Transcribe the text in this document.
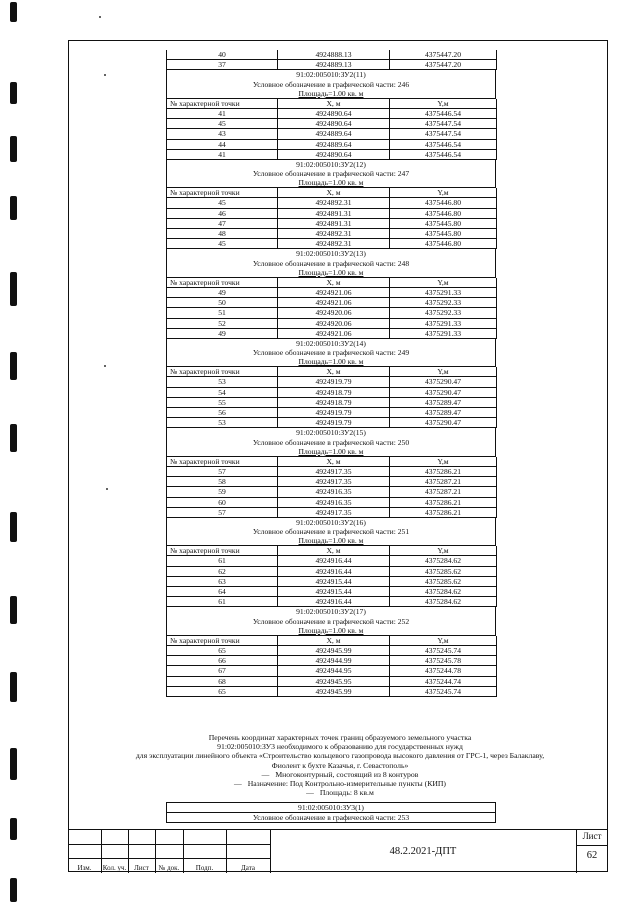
40	4924888.13	4375447.20
37	4924889.13	4375447.20
91:02:005010:ЗУ2(11)
Условное обозначение в графической части: 246
Площадь=1.00 кв. м
№ характерной точки	X, м	Y,м
41	4924890.64	4375446.54
45	4924890.64	4375447.54
43	4924889.64	4375447.54
44	4924889.64	4375446.54
41	4924890.64	4375446.54
91:02:005010:ЗУ2(12)
Условное обозначение в графической части: 247
Площадь=1.00 кв. м
№ характерной точки	X, м	Y,м
45	4924892.31	4375446.80
46	4924891.31	4375446.80
47	4924891.31	4375445.80
48	4924892.31	4375445.80
45	4924892.31	4375446.80
91:02:005010:ЗУ2(13)
Условное обозначение в графической части: 248
Площадь=1.00 кв. м
№ характерной точки	X, м	Y,м
49	4924921.06	4375291.33
50	4924921.06	4375292.33
51	4924920.06	4375292.33
52	4924920.06	4375291.33
49	4924921.06	4375291.33
91:02:005010:ЗУ2(14)
Условное обозначение в графической части: 249
Площадь=1.00 кв. м
№ характерной точки	X, м	Y,м
53	4924919.79	4375290.47
54	4924918.79	4375290.47
55	4924918.79	4375289.47
56	4924919.79	4375289.47
53	4924919.79	4375290.47
91:02:005010:ЗУ2(15)
Условное обозначение в графической части: 250
Площадь=1.00 кв. м
№ характерной точки	X, м	Y,м
57	4924917.35	4375286.21
58	4924917.35	4375287.21
59	4924916.35	4375287.21
60	4924916.35	4375286.21
57	4924917.35	4375286.21
91:02:005010:ЗУ2(16)
Условное обозначение в графической части: 251
Площадь=1.00 кв. м
№ характерной точки	X, м	Y,м
61	4924916.44	4375284.62
62	4924916.44	4375285.62
63	4924915.44	4375285.62
64	4924915.44	4375284.62
61	4924916.44	4375284.62
91:02:005010:ЗУ2(17)
Условное обозначение в графической части: 252
Площадь=1.00 кв. м
№ характерной точки	X, м	Y,м
65	4924945.99	4375245.74
66	4924944.99	4375245.78
67	4924944.95	4375244.78
68	4924945.95	4375244.74
65	4924945.99	4375245.74
Перечень координат характерных точек границ образуемого земельного участка
91:02:005010:ЗУ3 необходимого к образованию для государственных нужд
для эксплуатации линейного объекта «Строительство кольцевого газопровода высокого давления от ГРС-1, через Балаклаву,
Фиолент к бухте Казачья, г. Севастополь»
— Многоконтурный, состоящий из 8 контуров
— Назначение: Под Контрольно-измерительные пункты (КИП)
— Площадь: 8 кв.м
91:02:005010:ЗУ3(1)
Условное обозначение в графической части: 253
Изм.	Кол. уч.	Лист	№ док.	Подп.	Дата
48.2.2021-ДПТ
Лист
62
